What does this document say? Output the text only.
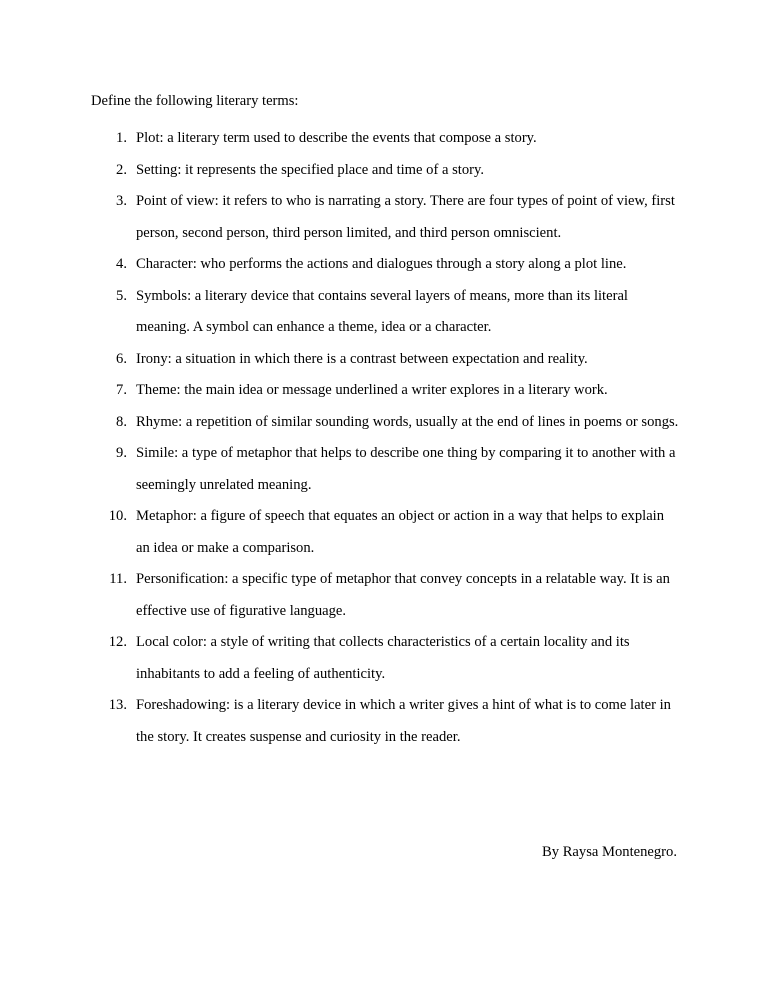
Define the following literary terms:
1. Plot: a literary term used to describe the events that compose a story.
2. Setting: it represents the specified place and time of a story.
3. Point of view: it refers to who is narrating a story. There are four types of point of view, first person, second person, third person limited, and third person omniscient.
4. Character: who performs the actions and dialogues through a story along a plot line.
5. Symbols: a literary device that contains several layers of means, more than its literal meaning. A symbol can enhance a theme, idea or a character.
6. Irony: a situation in which there is a contrast between expectation and reality.
7. Theme: the main idea or message underlined a writer explores in a literary work.
8. Rhyme: a repetition of similar sounding words, usually at the end of lines in poems or songs.
9. Simile: a type of metaphor that helps to describe one thing by comparing it to another with a seemingly unrelated meaning.
10. Metaphor: a figure of speech that equates an object or action in a way that helps to explain an idea or make a comparison.
11. Personification: a specific type of metaphor that convey concepts in a relatable way. It is an effective use of figurative language.
12. Local color: a style of writing that collects characteristics of a certain locality and its inhabitants to add a feeling of authenticity.
13. Foreshadowing: is a literary device in which a writer gives a hint of what is to come later in the story. It creates suspense and curiosity in the reader.
By Raysa Montenegro.
